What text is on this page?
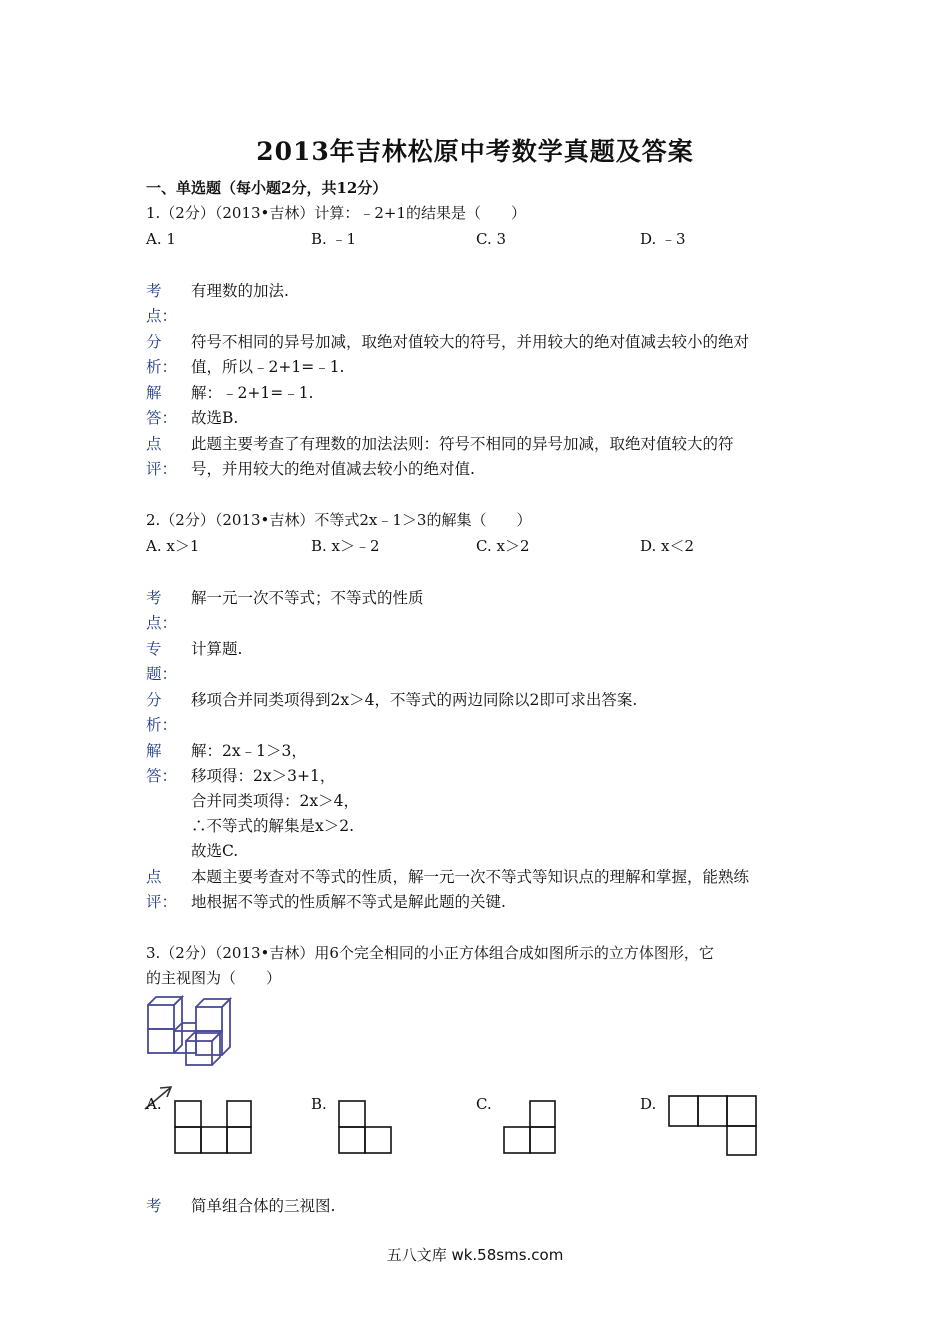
2013年吉林松原中考数学真题及答案
一、单选题（每小题2分，共12分）
1.（2分）（2013•吉林）计算：﹣2+1的结果是（　　）
A. 1	B. ﹣1	C. 3	D. ﹣3
考
点：
有理数的加法.
分
析：
符号不相同的异号加减，取绝对值较大的符号，并用较大的绝对值减去较小的绝对
值，所以﹣2+1=﹣1.
解
答：
解：﹣2+1=﹣1.
故选B.
点
评：
此题主要考查了有理数的加法法则：符号不相同的异号加减，取绝对值较大的符
号，并用较大的绝对值减去较小的绝对值.
2.（2分）（2013•吉林）不等式2x﹣1＞3的解集（　　）
A. x＞1	B. x＞﹣2	C. x＞2	D. x＜2
考
点：
解一元一次不等式；不等式的性质
专
题：
计算题.
分
析：
移项合并同类项得到2x＞4，不等式的两边同除以2即可求出答案.
解
答：
解：2x﹣1＞3，
移项得：2x＞3+1，
合并同类项得：2x＞4，
∴不等式的解集是x＞2.
故选C.
点
评：
本题主要考查对不等式的性质，解一元一次不等式等知识点的理解和掌握，能熟练
地根据不等式的性质解不等式是解此题的关键.
3.（2分）（2013•吉林）用6个完全相同的小正方体组合成如图所示的立方体图形，它
的主视图为（　　）
A.	B.	C.	D.
考 简单组合体的三视图.
五八文库 wk.58sms.com
